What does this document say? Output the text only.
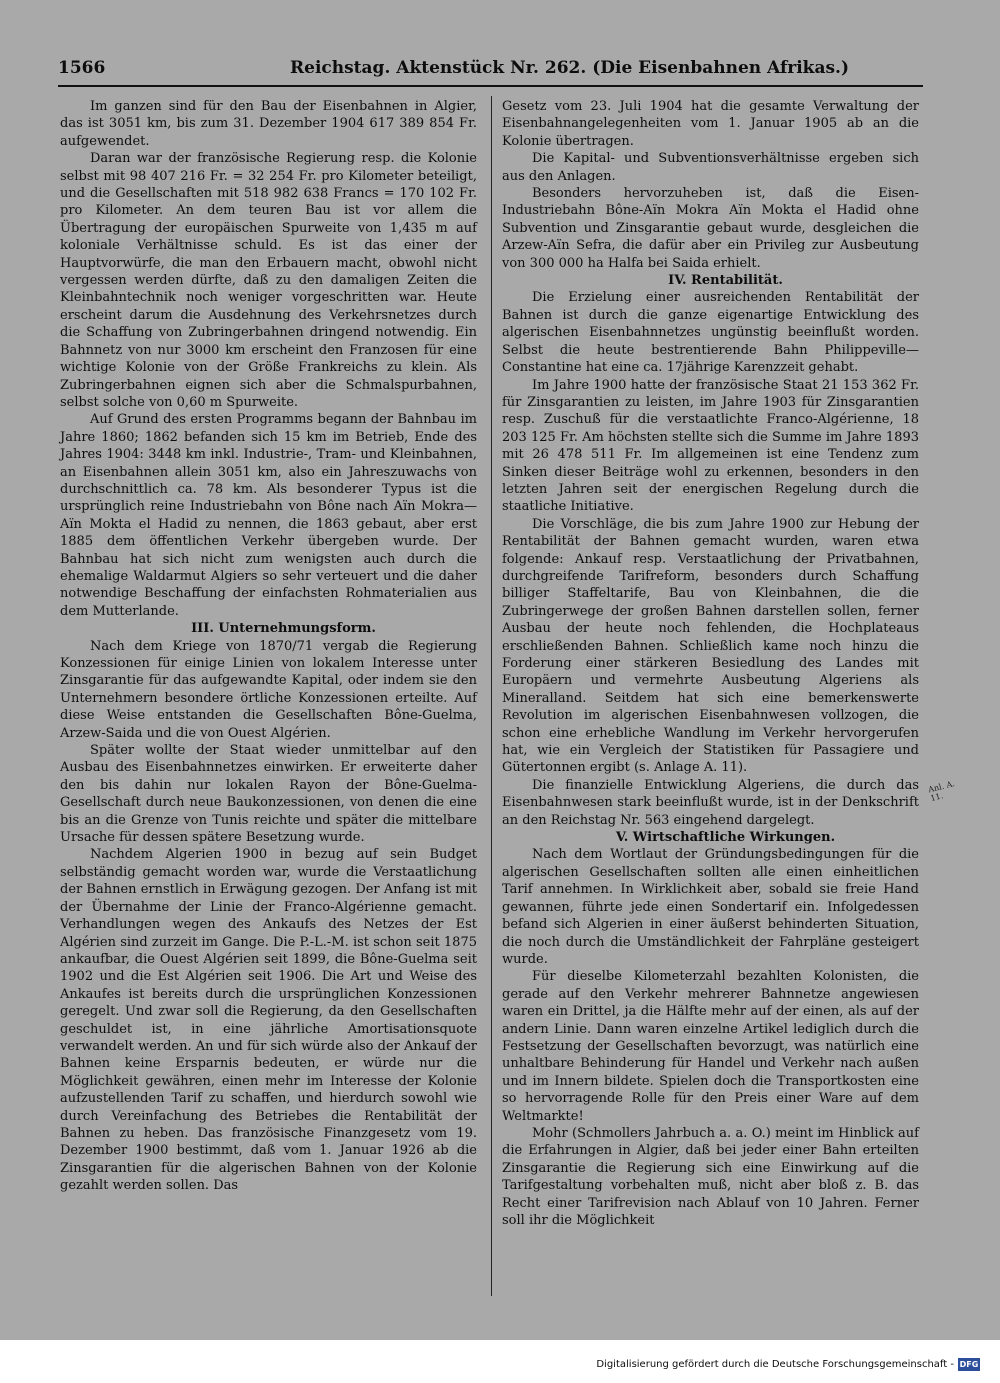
1566	Reichstag. Aktenstück Nr. 262. (Die Eisenbahnen Afrikas.)

Im ganzen sind für den Bau der Eisenbahnen in Algier, das ist 3051 km, bis zum 31. Dezember 1904 617 389 854 Fr. aufgewendet.

Daran war der französische Regierung resp. die Kolonie selbst mit 98 407 216 Fr. = 32 254 Fr. pro Kilometer beteiligt, und die Gesellschaften mit 518 982 638 Francs = 170 102 Fr. pro Kilometer. An dem teuren Bau ist vor allem die Übertragung der europäischen Spurweite von 1,435 m auf koloniale Verhältnisse schuld. Es ist das einer der Hauptvorwürfe, die man den Erbauern macht, obwohl nicht vergessen werden dürfte, daß zu den damaligen Zeiten die Kleinbahntechnik noch weniger vorgeschritten war. Heute erscheint darum die Ausdehnung des Verkehrsnetzes durch die Schaffung von Zubringerbahnen dringend notwendig. Ein Bahnnetz von nur 3000 km erscheint den Franzosen für eine wichtige Kolonie von der Größe Frankreichs zu klein. Als Zubringerbahnen eignen sich aber die Schmalspurbahnen, selbst solche von 0,60 m Spurweite.

Auf Grund des ersten Programms begann der Bahnbau im Jahre 1860; 1862 befanden sich 15 km im Betrieb, Ende des Jahres 1904: 3448 km inkl. Industrie-, Tram- und Kleinbahnen, an Eisenbahnen allein 3051 km, also ein Jahreszuwachs von durchschnittlich ca. 78 km. Als besonderer Typus ist die ursprünglich reine Industriebahn von Bône nach Aïn Mokra—Aïn Mokta el Hadid zu nennen, die 1863 gebaut, aber erst 1885 dem öffentlichen Verkehr übergeben wurde. Der Bahnbau hat sich nicht zum wenigsten auch durch die ehemalige Waldarmut Algiers so sehr verteuert und die daher notwendige Beschaffung der einfachsten Rohmaterialien aus dem Mutterlande.

III. Unternehmungsform.

Nach dem Kriege von 1870/71 vergab die Regierung Konzessionen für einige Linien von lokalem Interesse unter Zinsgarantie für das aufgewandte Kapital, oder indem sie den Unternehmern besondere örtliche Konzessionen erteilte. Auf diese Weise entstanden die Gesellschaften Bône-Guelma, Arzew-Saida und die von Ouest Algérien.

Später wollte der Staat wieder unmittelbar auf den Ausbau des Eisenbahnnetzes einwirken. Er erweiterte daher den bis dahin nur lokalen Rayon der Bône-Guelma-Gesellschaft durch neue Baukonzessionen, von denen die eine bis an die Grenze von Tunis reichte und später die mittelbare Ursache für dessen spätere Besetzung wurde.

Nachdem Algerien 1900 in bezug auf sein Budget selbständig gemacht worden war, wurde die Verstaatlichung der Bahnen ernstlich in Erwägung gezogen. Der Anfang ist mit der Übernahme der Linie der Franco-Algérienne gemacht. Verhandlungen wegen des Ankaufs des Netzes der Est Algérien sind zurzeit im Gange. Die P.-L.-M. ist schon seit 1875 ankaufbar, die Ouest Algérien seit 1899, die Bône-Guelma seit 1902 und die Est Algérien seit 1906. Die Art und Weise des Ankaufes ist bereits durch die ursprünglichen Konzessionen geregelt. Und zwar soll die Regierung, da den Gesellschaften geschuldet ist, in eine jährliche Amortisationsquote verwandelt werden. An und für sich würde also der Ankauf der Bahnen keine Ersparnis bedeuten, er würde nur die Möglichkeit gewähren, einen mehr im Interesse der Kolonie aufzustellenden Tarif zu schaffen, und hierdurch sowohl wie durch Vereinfachung des Betriebes die Rentabilität der Bahnen zu heben. Das französische Finanzgesetz vom 19. Dezember 1900 bestimmt, daß vom 1. Januar 1926 ab die Zinsgarantien für die algerischen Bahnen von der Kolonie gezahlt werden sollen. Das

Gesetz vom 23. Juli 1904 hat die gesamte Verwaltung der Eisenbahnangelegenheiten vom 1. Januar 1905 ab an die Kolonie übertragen.

Die Kapital- und Subventionsverhältnisse ergeben sich aus den Anlagen.

Besonders hervorzuheben ist, daß die Eisen-Industriebahn Bône-Aïn Mokra Aïn Mokta el Hadid ohne Subvention und Zinsgarantie gebaut wurde, desgleichen die Arzew-Aïn Sefra, die dafür aber ein Privileg zur Ausbeutung von 300 000 ha Halfa bei Saida erhielt.

IV. Rentabilität.

Die Erzielung einer ausreichenden Rentabilität der Bahnen ist durch die ganze eigenartige Entwicklung des algerischen Eisenbahnnetzes ungünstig beeinflußt worden. Selbst die heute bestrentierende Bahn Philippeville—Constantine hat eine ca. 17jährige Karenzzeit gehabt.

Im Jahre 1900 hatte der französische Staat 21 153 362 Fr. für Zinsgarantien zu leisten, im Jahre 1903 für Zinsgarantien resp. Zuschuß für die verstaatlichte Franco-Algérienne, 18 203 125 Fr. Am höchsten stellte sich die Summe im Jahre 1893 mit 26 478 511 Fr. Im allgemeinen ist eine Tendenz zum Sinken dieser Beiträge wohl zu erkennen, besonders in den letzten Jahren seit der energischen Regelung durch die staatliche Initiative.

Die Vorschläge, die bis zum Jahre 1900 zur Hebung der Rentabilität der Bahnen gemacht wurden, waren etwa folgende: Ankauf resp. Verstaatlichung der Privatbahnen, durchgreifende Tarifreform, besonders durch Schaffung billiger Staffeltarife, Bau von Kleinbahnen, die die Zubringerwege der großen Bahnen darstellen sollen, ferner Ausbau der heute noch fehlenden, die Hochplateaus erschließenden Bahnen. Schließlich kame noch hinzu die Forderung einer stärkeren Besiedlung des Landes mit Europäern und vermehrte Ausbeutung Algeriens als Mineralland. Seitdem hat sich eine bemerkenswerte Revolution im algerischen Eisenbahnwesen vollzogen, die schon eine erhebliche Wandlung im Verkehr hervorgerufen hat, wie ein Vergleich der Statistiken für Passagiere und Gütertonnen ergibt (s. Anlage A. 11).

Die finanzielle Entwicklung Algeriens, die durch das Eisenbahnwesen stark beeinflußt wurde, ist in der Denkschrift an den Reichstag Nr. 563 eingehend dargelegt.

V. Wirtschaftliche Wirkungen.

Nach dem Wortlaut der Gründungsbedingungen für die algerischen Gesellschaften sollten alle einen einheitlichen Tarif annehmen. In Wirklichkeit aber, sobald sie freie Hand gewannen, führte jede einen Sondertarif ein. Infolgedessen befand sich Algerien in einer äußerst behinderten Situation, die noch durch die Umständlichkeit der Fahrpläne gesteigert wurde.

Für dieselbe Kilometerzahl bezahlten Kolonisten, die gerade auf den Verkehr mehrerer Bahnnetze angewiesen waren ein Drittel, ja die Hälfte mehr auf der einen, als auf der andern Linie. Dann waren einzelne Artikel lediglich durch die Festsetzung der Gesellschaften bevorzugt, was natürlich eine unhaltbare Behinderung für Handel und Verkehr nach außen und im Innern bildete. Spielen doch die Transportkosten eine so hervorragende Rolle für den Preis einer Ware auf dem Weltmarkte!

Mohr (Schmollers Jahrbuch a. a. O.) meint im Hinblick auf die Erfahrungen in Algier, daß bei jeder einer Bahn erteilten Zinsgarantie die Regierung sich eine Einwirkung auf die Tarifgestaltung vorbehalten muß, nicht aber bloß z. B. das Recht einer Tarifrevision nach Ablauf von 10 Jahren. Ferner soll ihr die Möglichkeit

Anl. A. 11.
Digitalisierung gefördert durch die Deutsche Forschungsgemeinschaft - DFG
